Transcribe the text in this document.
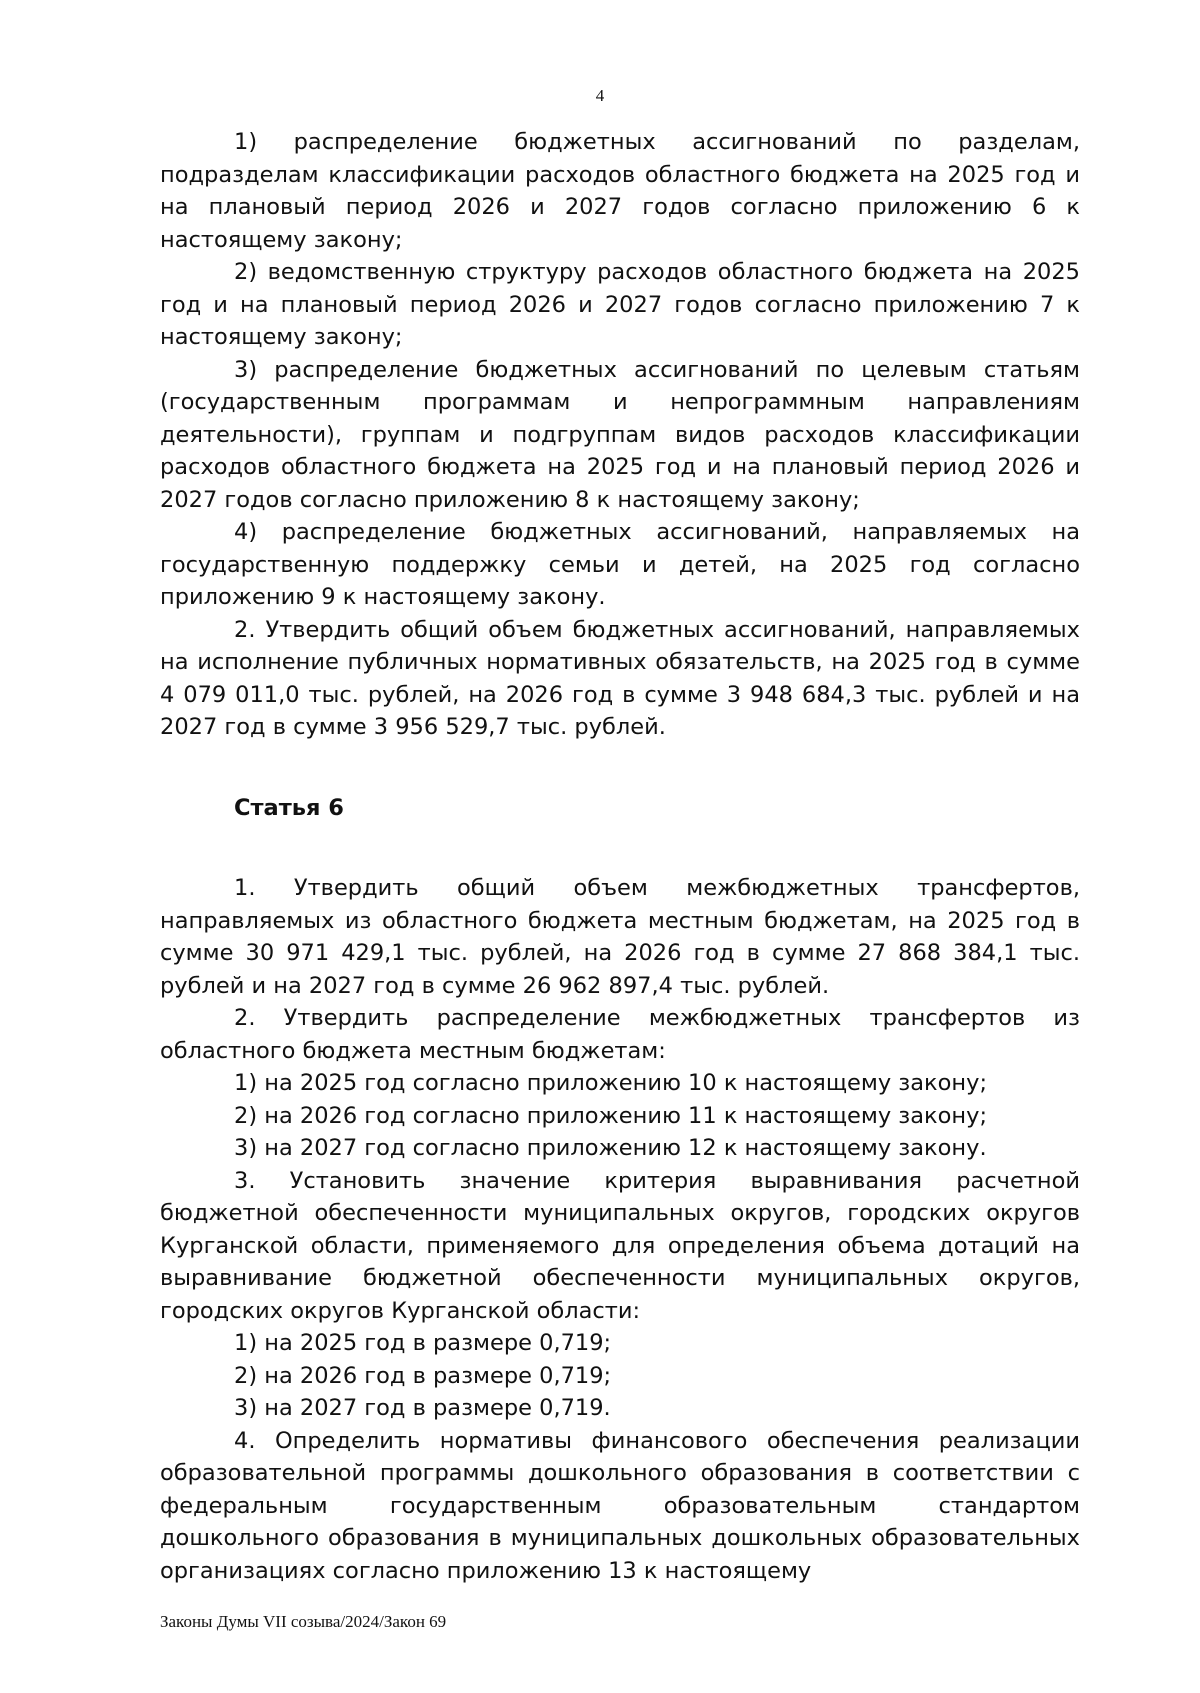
4

1) распределение бюджетных ассигнований по разделам, подразделам классификации расходов областного бюджета на 2025 год и на плановый период 2026 и 2027 годов согласно приложению 6 к настоящему закону;

2) ведомственную структуру расходов областного бюджета на 2025 год и на плановый период 2026 и 2027 годов согласно приложению 7 к настоящему закону;

3) распределение бюджетных ассигнований по целевым статьям (государственным программам и непрограммным направлениям деятельности), группам и подгруппам видов расходов классификации расходов областного бюджета на 2025 год и на плановый период 2026 и 2027 годов согласно приложению 8 к настоящему закону;

4) распределение бюджетных ассигнований, направляемых на государственную поддержку семьи и детей, на 2025 год согласно приложению 9 к настоящему закону.

2. Утвердить общий объем бюджетных ассигнований, направляемых на исполнение публичных нормативных обязательств, на 2025 год в сумме 4 079 011,0 тыс. рублей, на 2026 год в сумме 3 948 684,3 тыс. рублей и на 2027 год в сумме 3 956 529,7 тыс. рублей.

Статья 6

1. Утвердить общий объем межбюджетных трансфертов, направляемых из областного бюджета местным бюджетам, на 2025 год в сумме 30 971 429,1 тыс. рублей, на 2026 год в сумме 27 868 384,1 тыс. рублей и на 2027 год в сумме 26 962 897,4 тыс. рублей.

2. Утвердить распределение межбюджетных трансфертов из областного бюджета местным бюджетам:

1) на 2025 год согласно приложению 10 к настоящему закону;

2) на 2026 год согласно приложению 11 к настоящему закону;

3) на 2027 год согласно приложению 12 к настоящему закону.

3. Установить значение критерия выравнивания расчетной бюджетной обеспеченности муниципальных округов, городских округов Курганской области, применяемого для определения объема дотаций на выравнивание бюджетной обеспеченности муниципальных округов, городских округов Курганской области:

1) на 2025 год в размере 0,719;

2) на 2026 год в размере 0,719;

3) на 2027 год в размере 0,719.

4. Определить нормативы финансового обеспечения реализации образовательной программы дошкольного образования в соответствии с федеральным государственным образовательным стандартом дошкольного образования в муниципальных дошкольных образовательных организациях согласно приложению 13 к настоящему

Законы Думы VII созыва/2024/Закон 69
